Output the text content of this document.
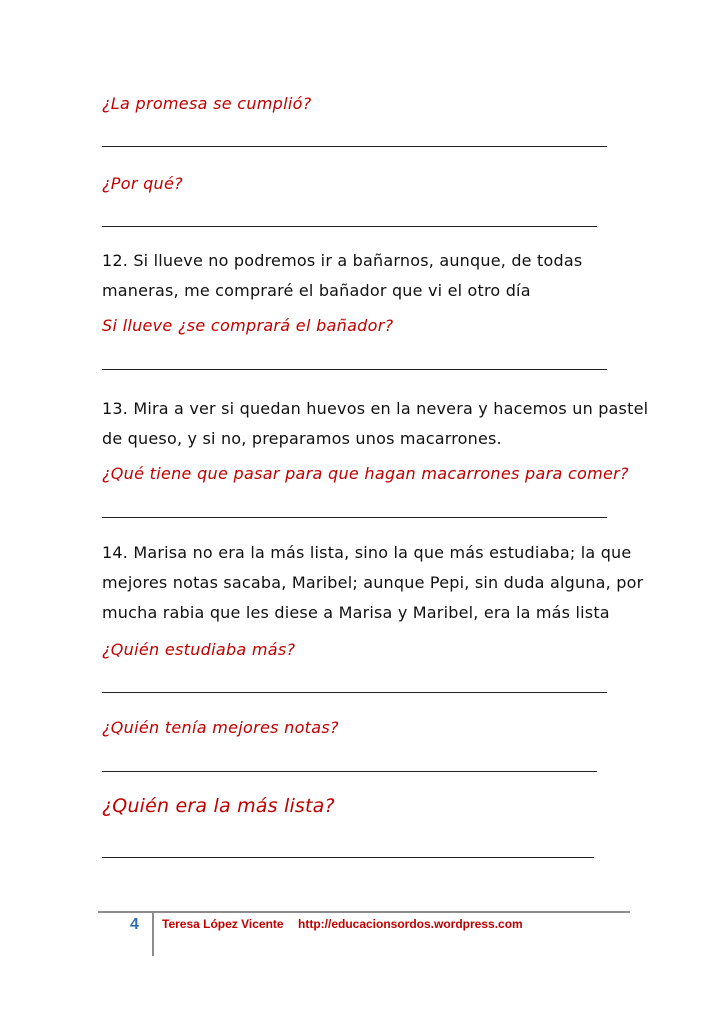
¿La promesa se cumplió?
¿Por qué?
12. Si llueve no podremos ir a bañarnos, aunque, de todas
maneras, me compraré el bañador que vi el otro día
Si llueve ¿se comprará el bañador?
13. Mira a ver si quedan huevos en la nevera y hacemos un pastel
de queso, y si no, preparamos unos macarrones.
¿Qué tiene que pasar para que hagan macarrones para comer?
14. Marisa no era la más lista, sino la que más estudiaba; la que
mejores notas sacaba, Maribel; aunque Pepi, sin duda alguna, por
mucha rabia que les diese a Marisa y Maribel, era la más lista
¿Quién estudiaba más?
¿Quién tenía mejores notas?
¿Quién era la más lista?
4 Teresa López Vicente http://educacionsordos.wordpress.com
